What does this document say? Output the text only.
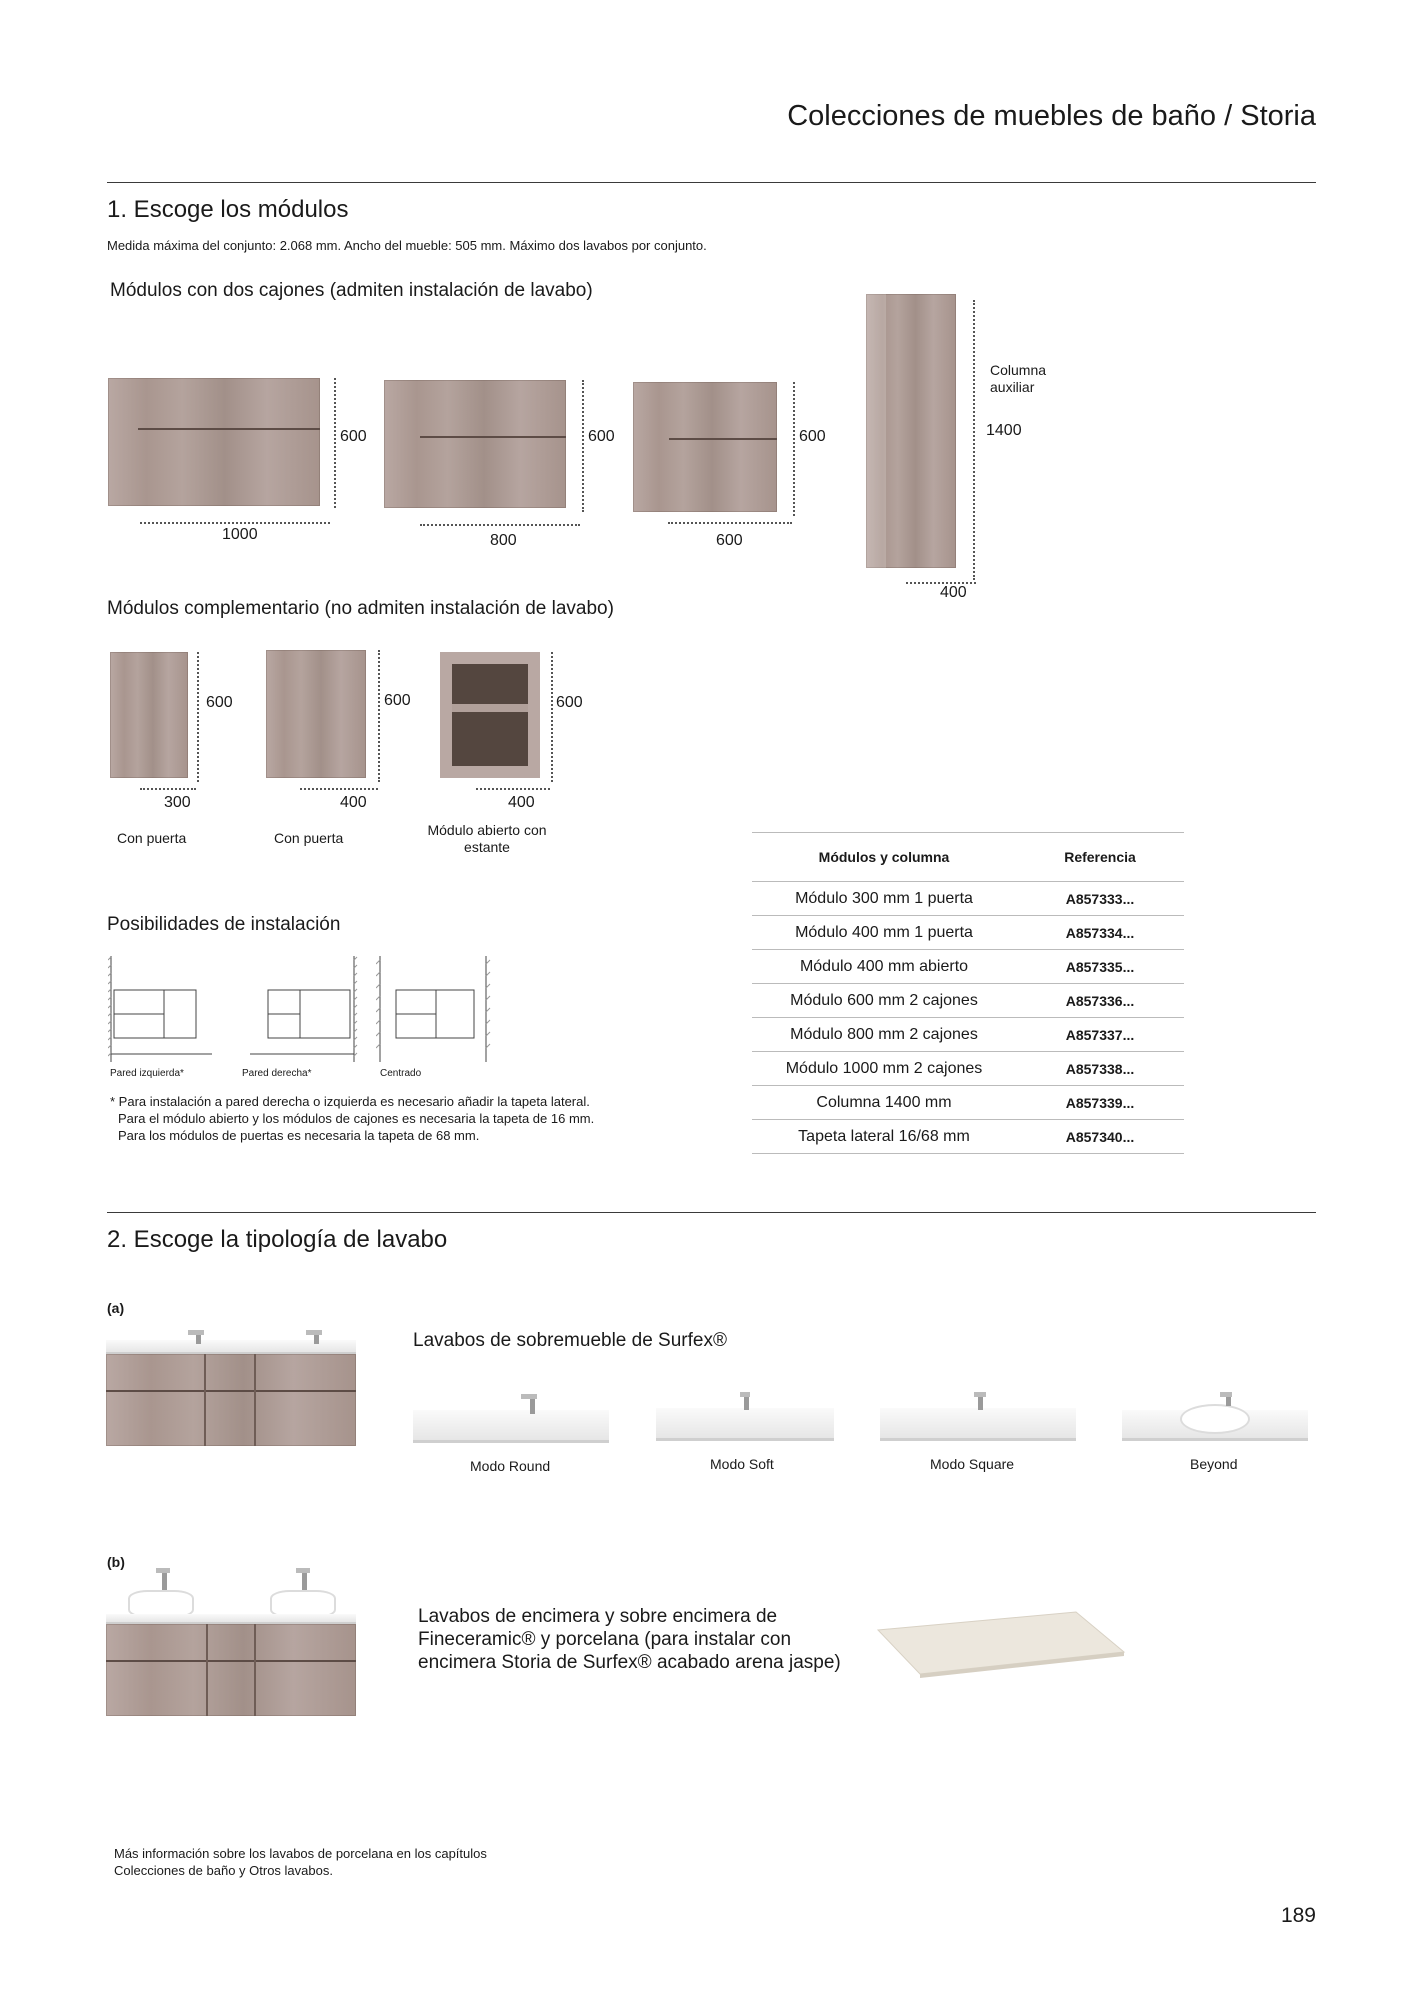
Colecciones de muebles de baño / Storia
1. Escoge los módulos
Medida máxima del conjunto: 2.068 mm. Ancho del mueble: 505 mm. Máximo dos lavabos por conjunto.
Módulos con dos cajones (admiten instalación de lavabo)
600
1000
600
800
600
600
Columna auxiliar
1400
400
Módulos complementario (no admiten instalación de lavabo)
600
300
Con puerta
600
400
Con puerta
600
400
Módulo abierto con estante
Posibilidades de instalación
Pared izquierda*	Pared derecha*	Centrado
* Para instalación a pared derecha o izquierda es necesario añadir la tapeta lateral.
Para el módulo abierto y los módulos de cajones es necesaria la tapeta de 16 mm.
Para los módulos de puertas es necesaria la tapeta de 68 mm.
Módulos y columna	Referencia
Módulo 300 mm 1 puerta	A857333...
Módulo 400 mm 1 puerta	A857334...
Módulo 400 mm abierto	A857335...
Módulo 600 mm 2 cajones	A857336...
Módulo 800 mm 2 cajones	A857337...
Módulo 1000 mm 2 cajones	A857338...
Columna 1400 mm	A857339...
Tapeta lateral 16/68 mm	A857340...
2. Escoge la tipología de lavabo
(a)
Lavabos de sobremueble de Surfex®
Modo Round	Modo Soft	Modo Square	Beyond
(b)
Lavabos de encimera y sobre encimera de
Fineceramic® y porcelana (para instalar con
encimera Storia de Surfex® acabado arena jaspe)
Más información sobre los lavabos de porcelana en los capítulos
Colecciones de baño y Otros lavabos.
189
